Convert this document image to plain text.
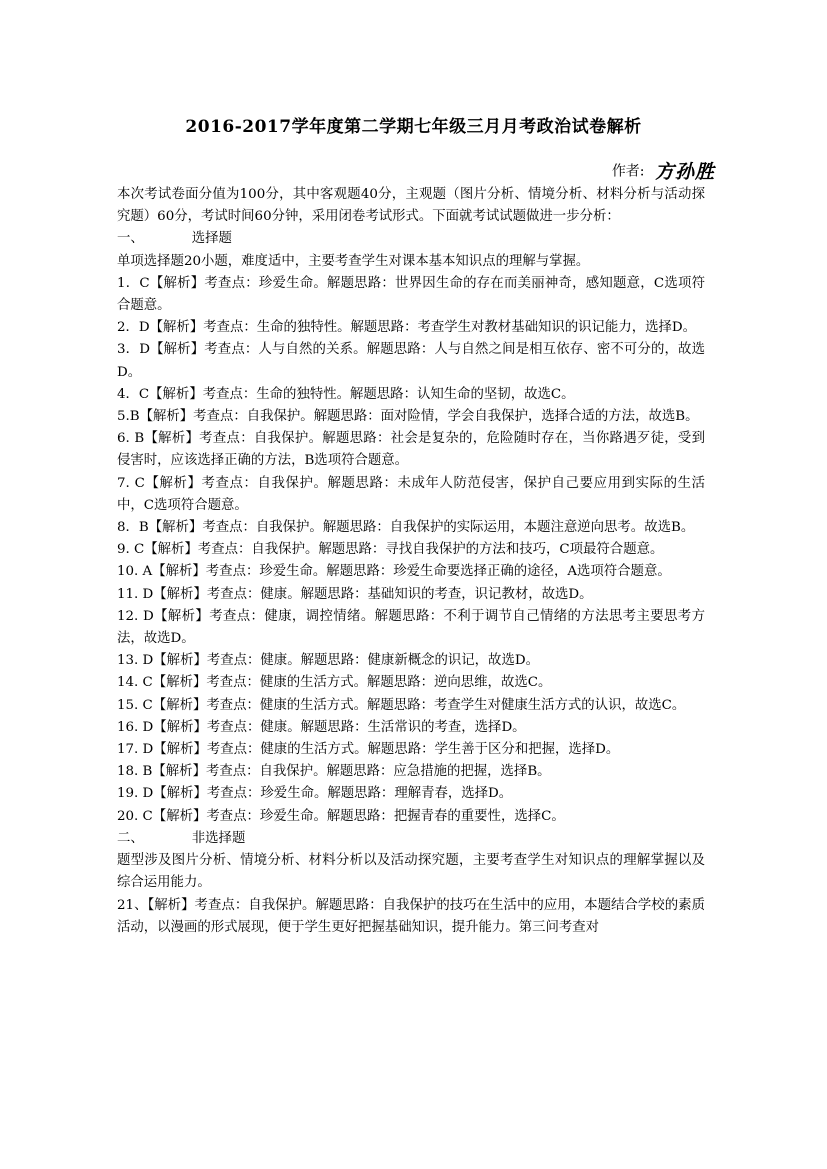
2016-2017学年度第二学期七年级三月月考政治试卷解析
作者: 方孙胜

本次考试卷面分值为100分，其中客观题40分，主观题（图片分析、情境分析、材料分析与活动探究题）60分，考试时间60分钟，采用闭卷考试形式。下面就考试试题做进一步分析：

一、	选择题

单项选择题20小题，难度适中，主要考查学生对课本基本知识点的理解与掌握。

1．C【解析】考查点：珍爱生命。解题思路：世界因生命的存在而美丽神奇，感知题意，C选项符合题意。

2．D【解析】考查点：生命的独特性。解题思路：考查学生对教材基础知识的识记能力，选择D。

3．D【解析】考查点：人与自然的关系。解题思路：人与自然之间是相互依存、密不可分的，故选D。

4．C【解析】考查点：生命的独特性。解题思路：认知生命的坚韧，故选C。

5.B【解析】考查点：自我保护。解题思路：面对险情，学会自我保护，选择合适的方法，故选B。

6. B【解析】考查点：自我保护。解题思路：社会是复杂的，危险随时存在，当你路遇歹徒，受到侵害时，应该选择正确的方法，B选项符合题意。

7. C【解析】考查点：自我保护。解题思路：未成年人防范侵害，保护自己要应用到实际的生活中，C选项符合题意。

8．B【解析】考查点：自我保护。解题思路：自我保护的实际运用，本题注意逆向思考。故选B。

9. C【解析】考查点：自我保护。解题思路：寻找自我保护的方法和技巧，C项最符合题意。

10. A【解析】考查点：珍爱生命。解题思路：珍爱生命要选择正确的途径，A选项符合题意。

11. D【解析】考查点：健康。解题思路：基础知识的考查，识记教材，故选D。

12. D【解析】考查点：健康，调控情绪。解题思路：不利于调节自己情绪的方法思考主要思考方法，故选D。

13. D【解析】考查点：健康。解题思路：健康新概念的识记，故选D。

14. C【解析】考查点：健康的生活方式。解题思路：逆向思维，故选C。

15. C【解析】考查点：健康的生活方式。解题思路：考查学生对健康生活方式的认识，故选C。

16. D【解析】考查点：健康。解题思路：生活常识的考查，选择D。

17. D【解析】考查点：健康的生活方式。解题思路：学生善于区分和把握，选择D。

18. B【解析】考查点：自我保护。解题思路：应急措施的把握，选择B。

19. D【解析】考查点：珍爱生命。解题思路：理解青春，选择D。

20. C【解析】考查点：珍爱生命。解题思路：把握青春的重要性，选择C。

二、	非选择题

题型涉及图片分析、情境分析、材料分析以及活动探究题，主要考查学生对知识点的理解掌握以及综合运用能力。

21、【解析】考查点：自我保护。解题思路：自我保护的技巧在生活中的应用，本题结合学校的素质活动，以漫画的形式展现，便于学生更好把握基础知识，提升能力。第三问考查对
